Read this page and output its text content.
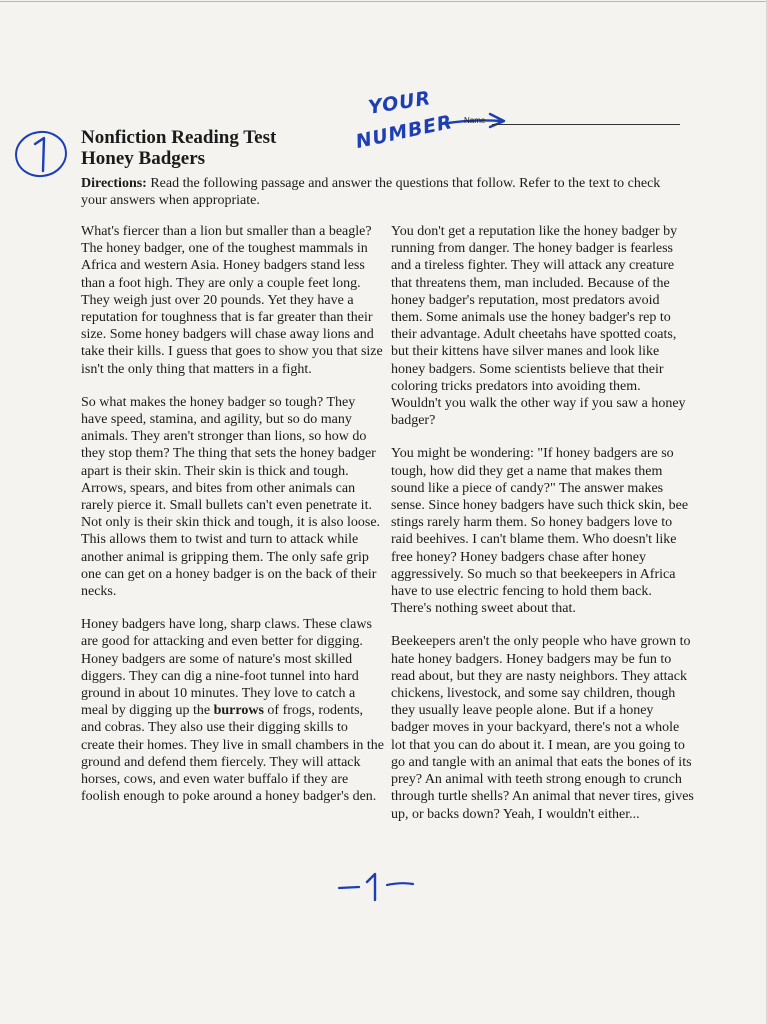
Nonfiction Reading Test

Honey Badgers

YOUR
NUMBER Name

Directions: Read the following passage and answer the questions that follow. Refer to the text to check your answers when appropriate.

What's fiercer than a lion but smaller than a beagle? The honey badger, one of the toughest mammals in Africa and western Asia. Honey badgers stand less than a foot high. They are only a couple feet long. They weigh just over 20 pounds. Yet they have a reputation for toughness that is far greater than their size. Some honey badgers will chase away lions and take their kills. I guess that goes to show you that size isn't the only thing that matters in a fight.

So what makes the honey badger so tough? They have speed, stamina, and agility, but so do many animals. They aren't stronger than lions, so how do they stop them? The thing that sets the honey badger apart is their skin. Their skin is thick and tough. Arrows, spears, and bites from other animals can rarely pierce it. Small bullets can't even penetrate it. Not only is their skin thick and tough, it is also loose. This allows them to twist and turn to attack while another animal is gripping them. The only safe grip one can get on a honey badger is on the back of their necks.

Honey badgers have long, sharp claws. These claws are good for attacking and even better for digging. Honey badgers are some of nature's most skilled diggers. They can dig a nine-foot tunnel into hard ground in about 10 minutes. They love to catch a meal by digging up the burrows of frogs, rodents, and cobras. They also use their digging skills to create their homes. They live in small chambers in the ground and defend them fiercely. They will attack horses, cows, and even water buffalo if they are foolish enough to poke around a honey badger's den.

You don't get a reputation like the honey badger by running from danger. The honey badger is fearless and a tireless fighter. They will attack any creature that threatens them, man included. Because of the honey badger's reputation, most predators avoid them. Some animals use the honey badger's rep to their advantage. Adult cheetahs have spotted coats, but their kittens have silver manes and look like honey badgers. Some scientists believe that their coloring tricks predators into avoiding them. Wouldn't you walk the other way if you saw a honey badger?

You might be wondering: "If honey badgers are so tough, how did they get a name that makes them sound like a piece of candy?" The answer makes sense. Since honey badgers have such thick skin, bee stings rarely harm them. So honey badgers love to raid beehives. I can't blame them. Who doesn't like free honey? Honey badgers chase after honey aggressively. So much so that beekeepers in Africa have to use electric fencing to hold them back. There's nothing sweet about that.

Beekeepers aren't the only people who have grown to hate honey badgers. Honey badgers may be fun to read about, but they are nasty neighbors. They attack chickens, livestock, and some say children, though they usually leave people alone. But if a honey badger moves in your backyard, there's not a whole lot that you can do about it. I mean, are you going to go and tangle with an animal that eats the bones of its prey? An animal with teeth strong enough to crunch through turtle shells? An animal that never tires, gives up, or backs down? Yeah, I wouldn't either...
